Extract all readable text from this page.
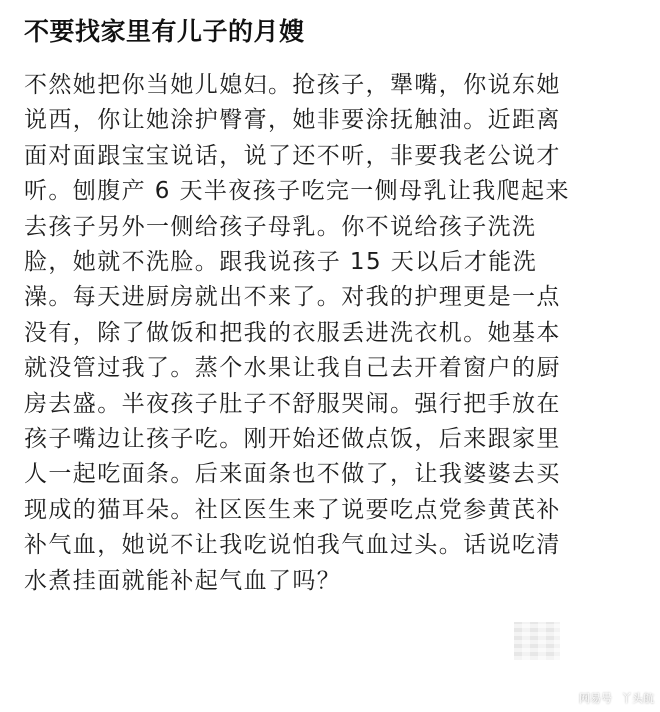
不要找家里有儿子的月嫂

不然她把你当她儿媳妇。抢孩子，犟嘴，你说东她
说西，你让她涂护臀膏，她非要涂抚触油。近距离
面对面跟宝宝说话，说了还不听，非要我老公说才
听。刨腹产 6 天半夜孩子吃完一侧母乳让我爬起来
去孩子另外一侧给孩子母乳。你不说给孩子洗洗
脸，她就不洗脸。跟我说孩子 15 天以后才能洗
澡。每天进厨房就出不来了。对我的护理更是一点
没有，除了做饭和把我的衣服丢进洗衣机。她基本
就没管过我了。蒸个水果让我自己去开着窗户的厨
房去盛。半夜孩子肚子不舒服哭闹。强行把手放在
孩子嘴边让孩子吃。刚开始还做点饭，后来跟家里
人一起吃面条。后来面条也不做了，让我婆婆去买
现成的猫耳朵。社区医生来了说要吃点党参黄芪补
补气血，她说不让我吃说怕我气血过头。话说吃清
水煮挂面就能补起气血了吗？

网易号 丫头航
